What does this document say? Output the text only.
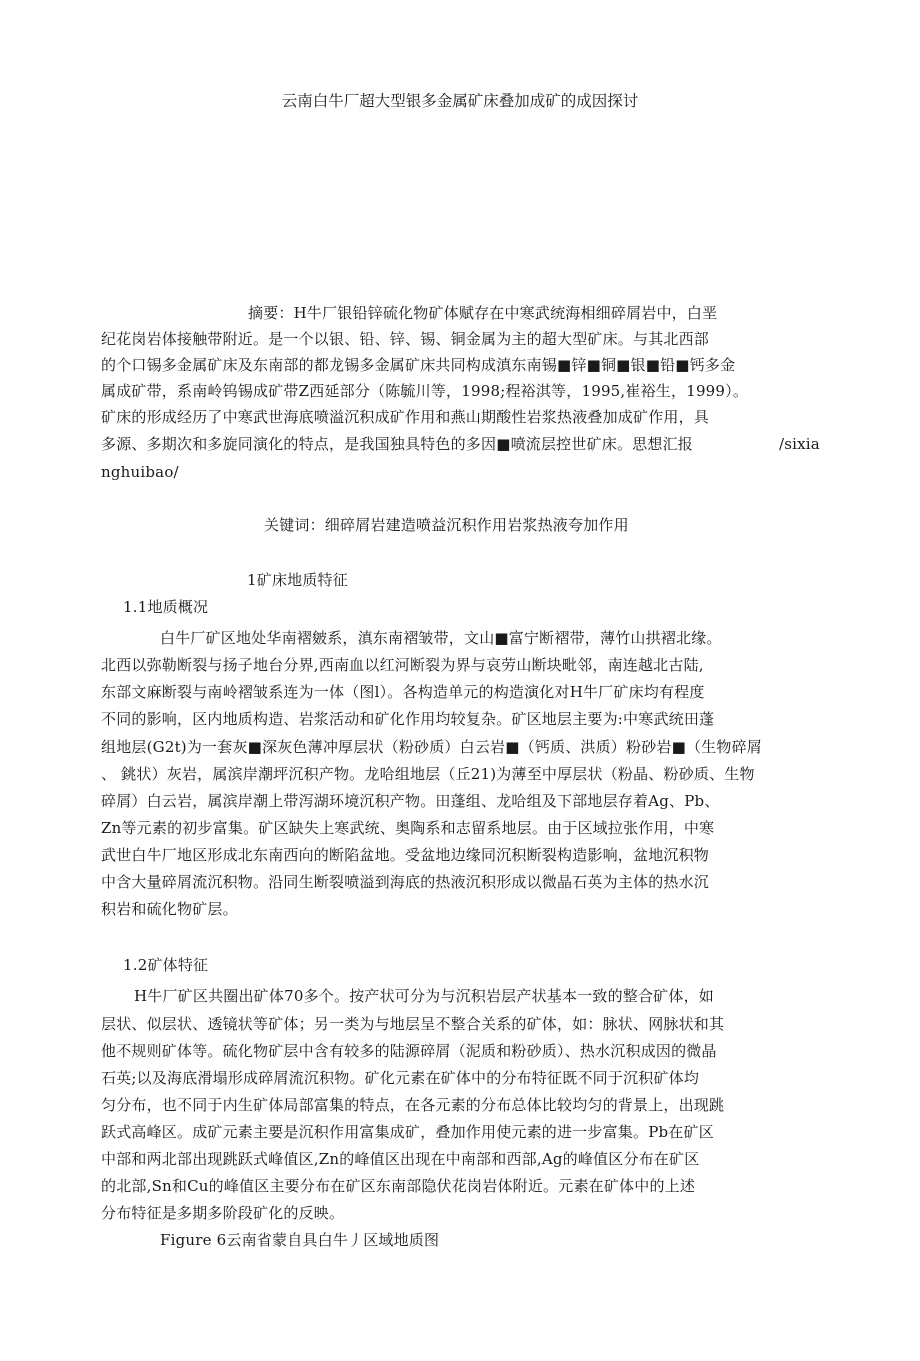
云南白牛厂超大型银多金属矿床叠加成矿的成因探讨
摘要：H牛厂银铅锌硫化物矿体赋存在中寒武统海相细碎屑岩中，白垩
纪花岗岩体接触带附近。是一个以银、铅、锌、锡、铜金属为主的超大型矿床。与其北西部
的个口锡多金属矿床及东南部的都龙锡多金属矿床共同构成滇东南锡■锌■铜■银■铅■钙多金
属成矿带，系南岭钨锡成矿带Z西延部分（陈毓川等，1998;程裕淇等，1995,崔裕生，1999）。
矿床的形成经历了中寒武世海底喷溢沉积成矿作用和燕山期酸性岩浆热液叠加成矿作用，具
多源、多期次和多旋同演化的特点，是我国独具特色的多因■喷流层控世矿床。思想汇报	/sixia
nghuibao/
关键词：细碎屑岩建造喷益沉积作用岩浆热液夸加作用
1矿床地质特征
1.1地质概况
白牛厂矿区地处华南褶皴系，滇东南褶皱带，文山■富宁断褶带，薄竹山拱褶北缘。
北西以弥勒断裂与扬子地台分界,西南血以红河断裂为界与哀劳山断块毗邻，南连越北古陆,
东部文麻断裂与南岭褶皱系连为一体（图l）。各构造单元的构造演化对H牛厂矿床均有程度
不同的影响，区内地质构造、岩浆活动和矿化作用均较复杂。矿区地层主要为:中寒武统田蓬
组地层(G2t)为一套灰■深灰色薄冲厚层状（粉砂质）白云岩■（钙质、洪质）粉砂岩■（生物碎屑
、 銚状）灰岩，属滨岸潮坪沉积产物。龙哈组地层（丘21)为薄至中厚层状（粉晶、粉砂质、生物
碎屑）白云岩，属滨岸潮上带泻湖环境沉积产物。田蓬组、龙哈组及下部地层存着Ag、Pb、
Zn等元素的初步富集。矿区缺失上寒武统、奥陶系和志留系地层。由于区域拉张作用，中寒
武世白牛厂地区形成北东南西向的断陷盆地。受盆地边缘同沉积断裂构造影响，盆地沉积物
中含大量碎屑流沉积物。沿同生断裂喷溢到海底的热液沉积形成以微晶石英为主体的热水沉
积岩和硫化物矿层。
1.2矿体特征
H牛厂矿区共圈出矿体70多个。按产状可分为与沉积岩层产状基本一致的整合矿体，如
层状、似层状、透镜状等矿体；另一类为与地层呈不整合关系的矿体，如：脉状、网脉状和其
他不规则矿体等。硫化物矿层中含有较多的陆源碎屑（泥质和粉砂质）、热水沉积成因的微晶
石英;以及海底滑塌形成碎屑流沉积物。矿化元素在矿体中的分布特征既不同于沉积矿体均
匀分布，也不同于内生矿体局部富集的特点，在各元素的分布总体比较均匀的背景上，出现跳
跃式高峰区。成矿元素主要是沉积作用富集成矿，叠加作用使元素的进一步富集。Pb在矿区
中部和两北部出现跳跃式峰值区,Zn的峰值区出现在中南部和西部,Ag的峰值区分布在矿区
的北部,Sn和Cu的峰值区主要分布在矿区东南部隐伏花岗岩体附近。元素在矿体中的上述
分布特征是多期多阶段矿化的反映。
Figure 6云南省蒙自具白牛丿区域地质图
